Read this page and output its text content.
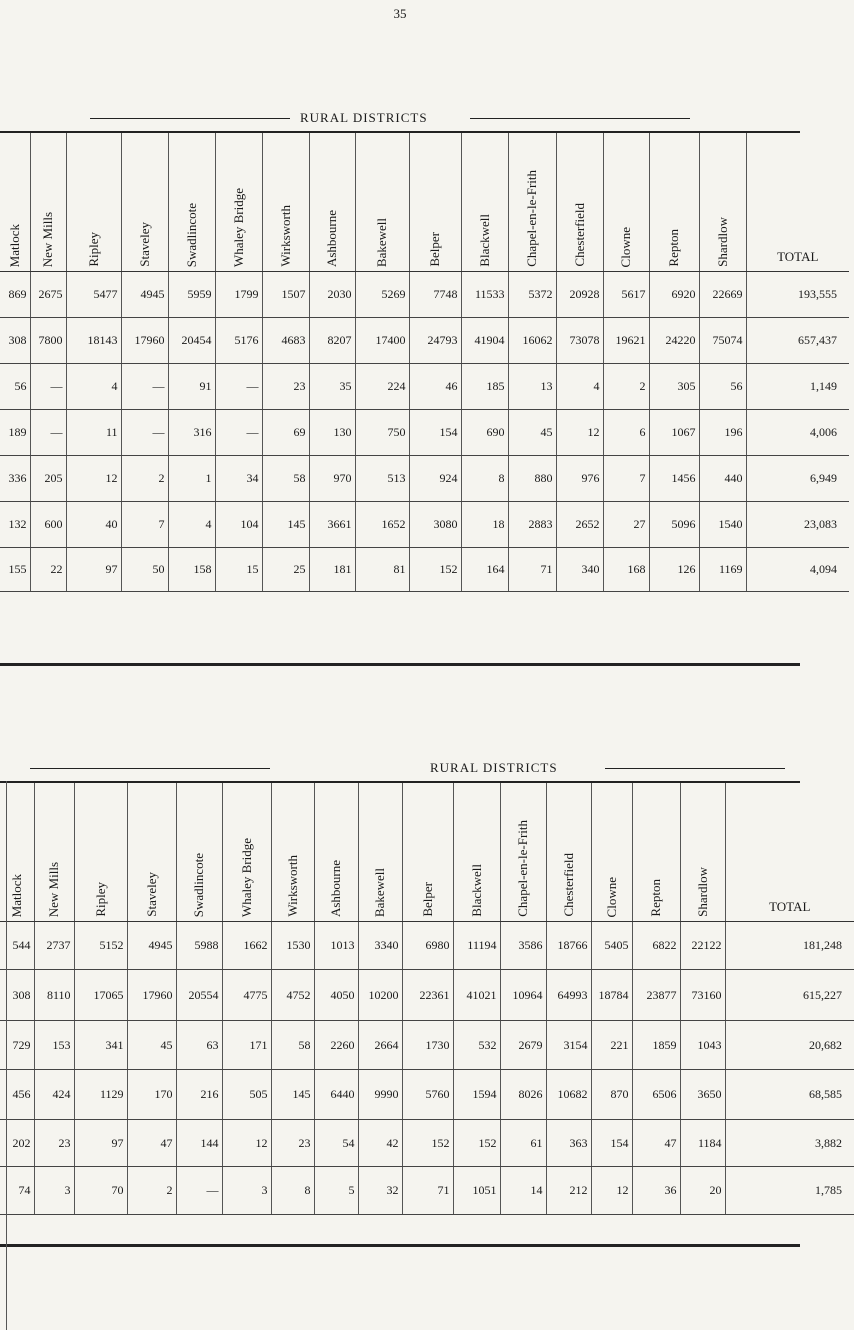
35
RURAL DISTRICTS
Matlock	New Mills	Ripley	Staveley	Swadlincote	Whaley Bridge	Wirksworth	Ashbourne	Bakewell	Belper	Blackwell	Chapel-en-le-Frith	Chesterfield	Clowne	Repton	Shardlow	TOTAL
869	2675	5477	4945	5959	1799	1507	2030	5269	7748	11533	5372	20928	5617	6920	22669	193,555
308	7800	18143	17960	20454	5176	4683	8207	17400	24793	41904	16062	73078	19621	24220	75074	657,437
56	—	4	—	91	—	23	35	224	46	185	13	4	2	305	56	1,149
189	—	11	—	316	—	69	130	750	154	690	45	12	6	1067	196	4,006
336	205	12	2	1	34	58	970	513	924	8	880	976	7	1456	440	6,949
132	600	40	7	4	104	145	3661	1652	3080	18	2883	2652	27	5096	1540	23,083
155	22	97	50	158	15	25	181	81	152	164	71	340	168	126	1169	4,094
RURAL DISTRICTS
Matlock	New Mills	Ripley	Staveley	Swadlincote	Whaley Bridge	Wirksworth	Ashbourne	Bakewell	Belper	Blackwell	Chapel-en-le-Frith	Chesterfield	Clowne	Repton	Shardlow	TOTAL
544	2737	5152	4945	5988	1662	1530	1013	3340	6980	11194	3586	18766	5405	6822	22122	181,248
308	8110	17065	17960	20554	4775	4752	4050	10200	22361	41021	10964	64993	18784	23877	73160	615,227
729	153	341	45	63	171	58	2260	2664	1730	532	2679	3154	221	1859	1043	20,682
456	424	1129	170	216	505	145	6440	9990	5760	1594	8026	10682	870	6506	3650	68,585
202	23	97	47	144	12	23	54	42	152	152	61	363	154	47	1184	3,882
74	3	70	2	—	3	8	5	32	71	1051	14	212	12	36	20	1,785
